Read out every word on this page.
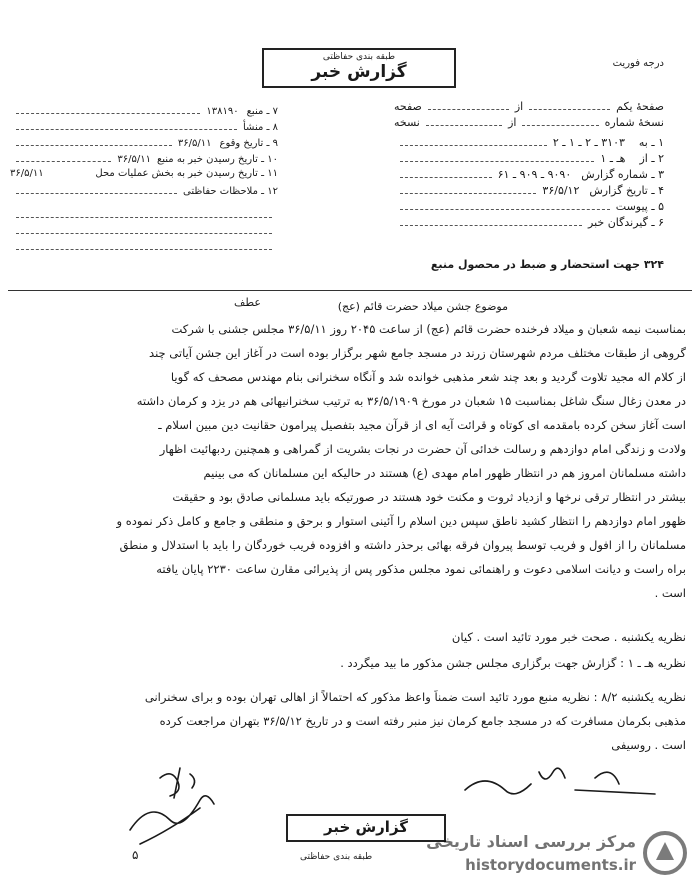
درجه فوریت
طبقه بندی حفاظتی
گزارش خبر
صفحهٔ یکم
از
صفحه
نسخهٔ شماره
از
نسخه
۱ ـ به
۳۱۰۳ ـ ۲ ـ ۱ ـ ۲
۲ ـ از
هـ ـ ۱
۳ ـ شماره گزارش
۹۰۹۰ ـ ۹۰۹ ـ ۶۱
۴ ـ تاریخ گزارش
۳۶/۵/۱۲
۵ ـ پیوست
۶ ـ گیرندگان خبر
۷ ـ منبع
۱۳۸۱۹۰
۸ ـ منشأ
۹ ـ تاریخ وقوع
۳۶/۵/۱۱
۱۰ ـ تاریخ رسیدن خبر به منبع
۳۶/۵/۱۱
۱۱ ـ تاریخ رسیدن خبر به بخش عملیات محل
۳۶/۵/۱۱
۱۲ ـ ملاحظات حفاظتی
۳۲۴ جهت استحضار و ضبط در محصول منبع
عطف	موضوع جشن میلاد حضرت قائم (عج)
بمناسبت نیمه شعبان و میلاد فرخنده حضرت قائم (عج) از ساعت ۲۰۴۵ روز ۳۶/۵/۱۱ مجلس جشنی با شرکت
گروهی از طبقات مختلف مردم شهرستان زرند در مسجد جامع شهر برگزار بوده است در آغاز این جشن آیاتی چند
از کلام اله مجید تلاوت گردید و بعد چند شعر مذهبی خوانده شد و آنگاه سخنرانی بنام مهندس مصحف که گویا
در معدن زغال سنگ شاغل بمناسبت ۱۵ شعبان در مورخ ۳۶/۵/۱۹۰۹ به ترتیب سخنرانیهائی هم در یزد و کرمان داشته
است آغاز سخن کرده بامقدمه ای کوتاه و قرائت آیه ای از قرآن مجید بتفصیل پیرامون حقانیت دین مبین اسلام ـ
ولادت و زندگی امام دوازدهم و رسالت خدائی آن حضرت در نجات بشریت از گمراهی و همچنین ردبهائیت اظهار
داشته مسلمانان امروز هم در انتظار ظهور امام مهدی (ع) هستند در حالیکه این مسلمانان که می بینیم
بیشتر در انتظار ترقی نرخها و ازدیاد ثروت و مکنت خود هستند در صورتیکه باید مسلمانی صادق بود و حقیقت
ظهور امام دوازدهم را انتظار کشید ناطق سپس دین اسلام را آئینی استوار و برحق و منطقی و جامع و کامل ذکر نموده و
مسلمانان را از افول و فریب توسط پیروان فرقه بهائی برحذر داشته و افزوده فریب خوردگان را باید با استدلال و منطق
براه راست و دیانت اسلامی دعوت و راهنمائی نمود مجلس مذکور پس از پذیرائی مقارن ساعت ۲۲۳۰ پایان یافته
است .
نظریه یکشنبه . صحت خبر مورد تائید است . کیان
نظریه هـ ـ ۱ : گزارش جهت برگزاری مجلس جشن مذکور ما بید میگردد .
نظریه یکشنبه ۸/۲ : نظریه منبع مورد تائید است ضمناً واعظ مذکور که احتمالاً از اهالی تهران بوده و برای سخنرانی
مذهبی بکرمان مسافرت که در مسجد جامع کرمان نیز منبر رفته است و در تاریخ ۳۶/۵/۱۲ بتهران مراجعت کرده
است . روسیفی
۵
گزارش خبر
طبقه بندی حفاظتی
مرکز بررسی اسناد تاریخی
historydocuments.ir
